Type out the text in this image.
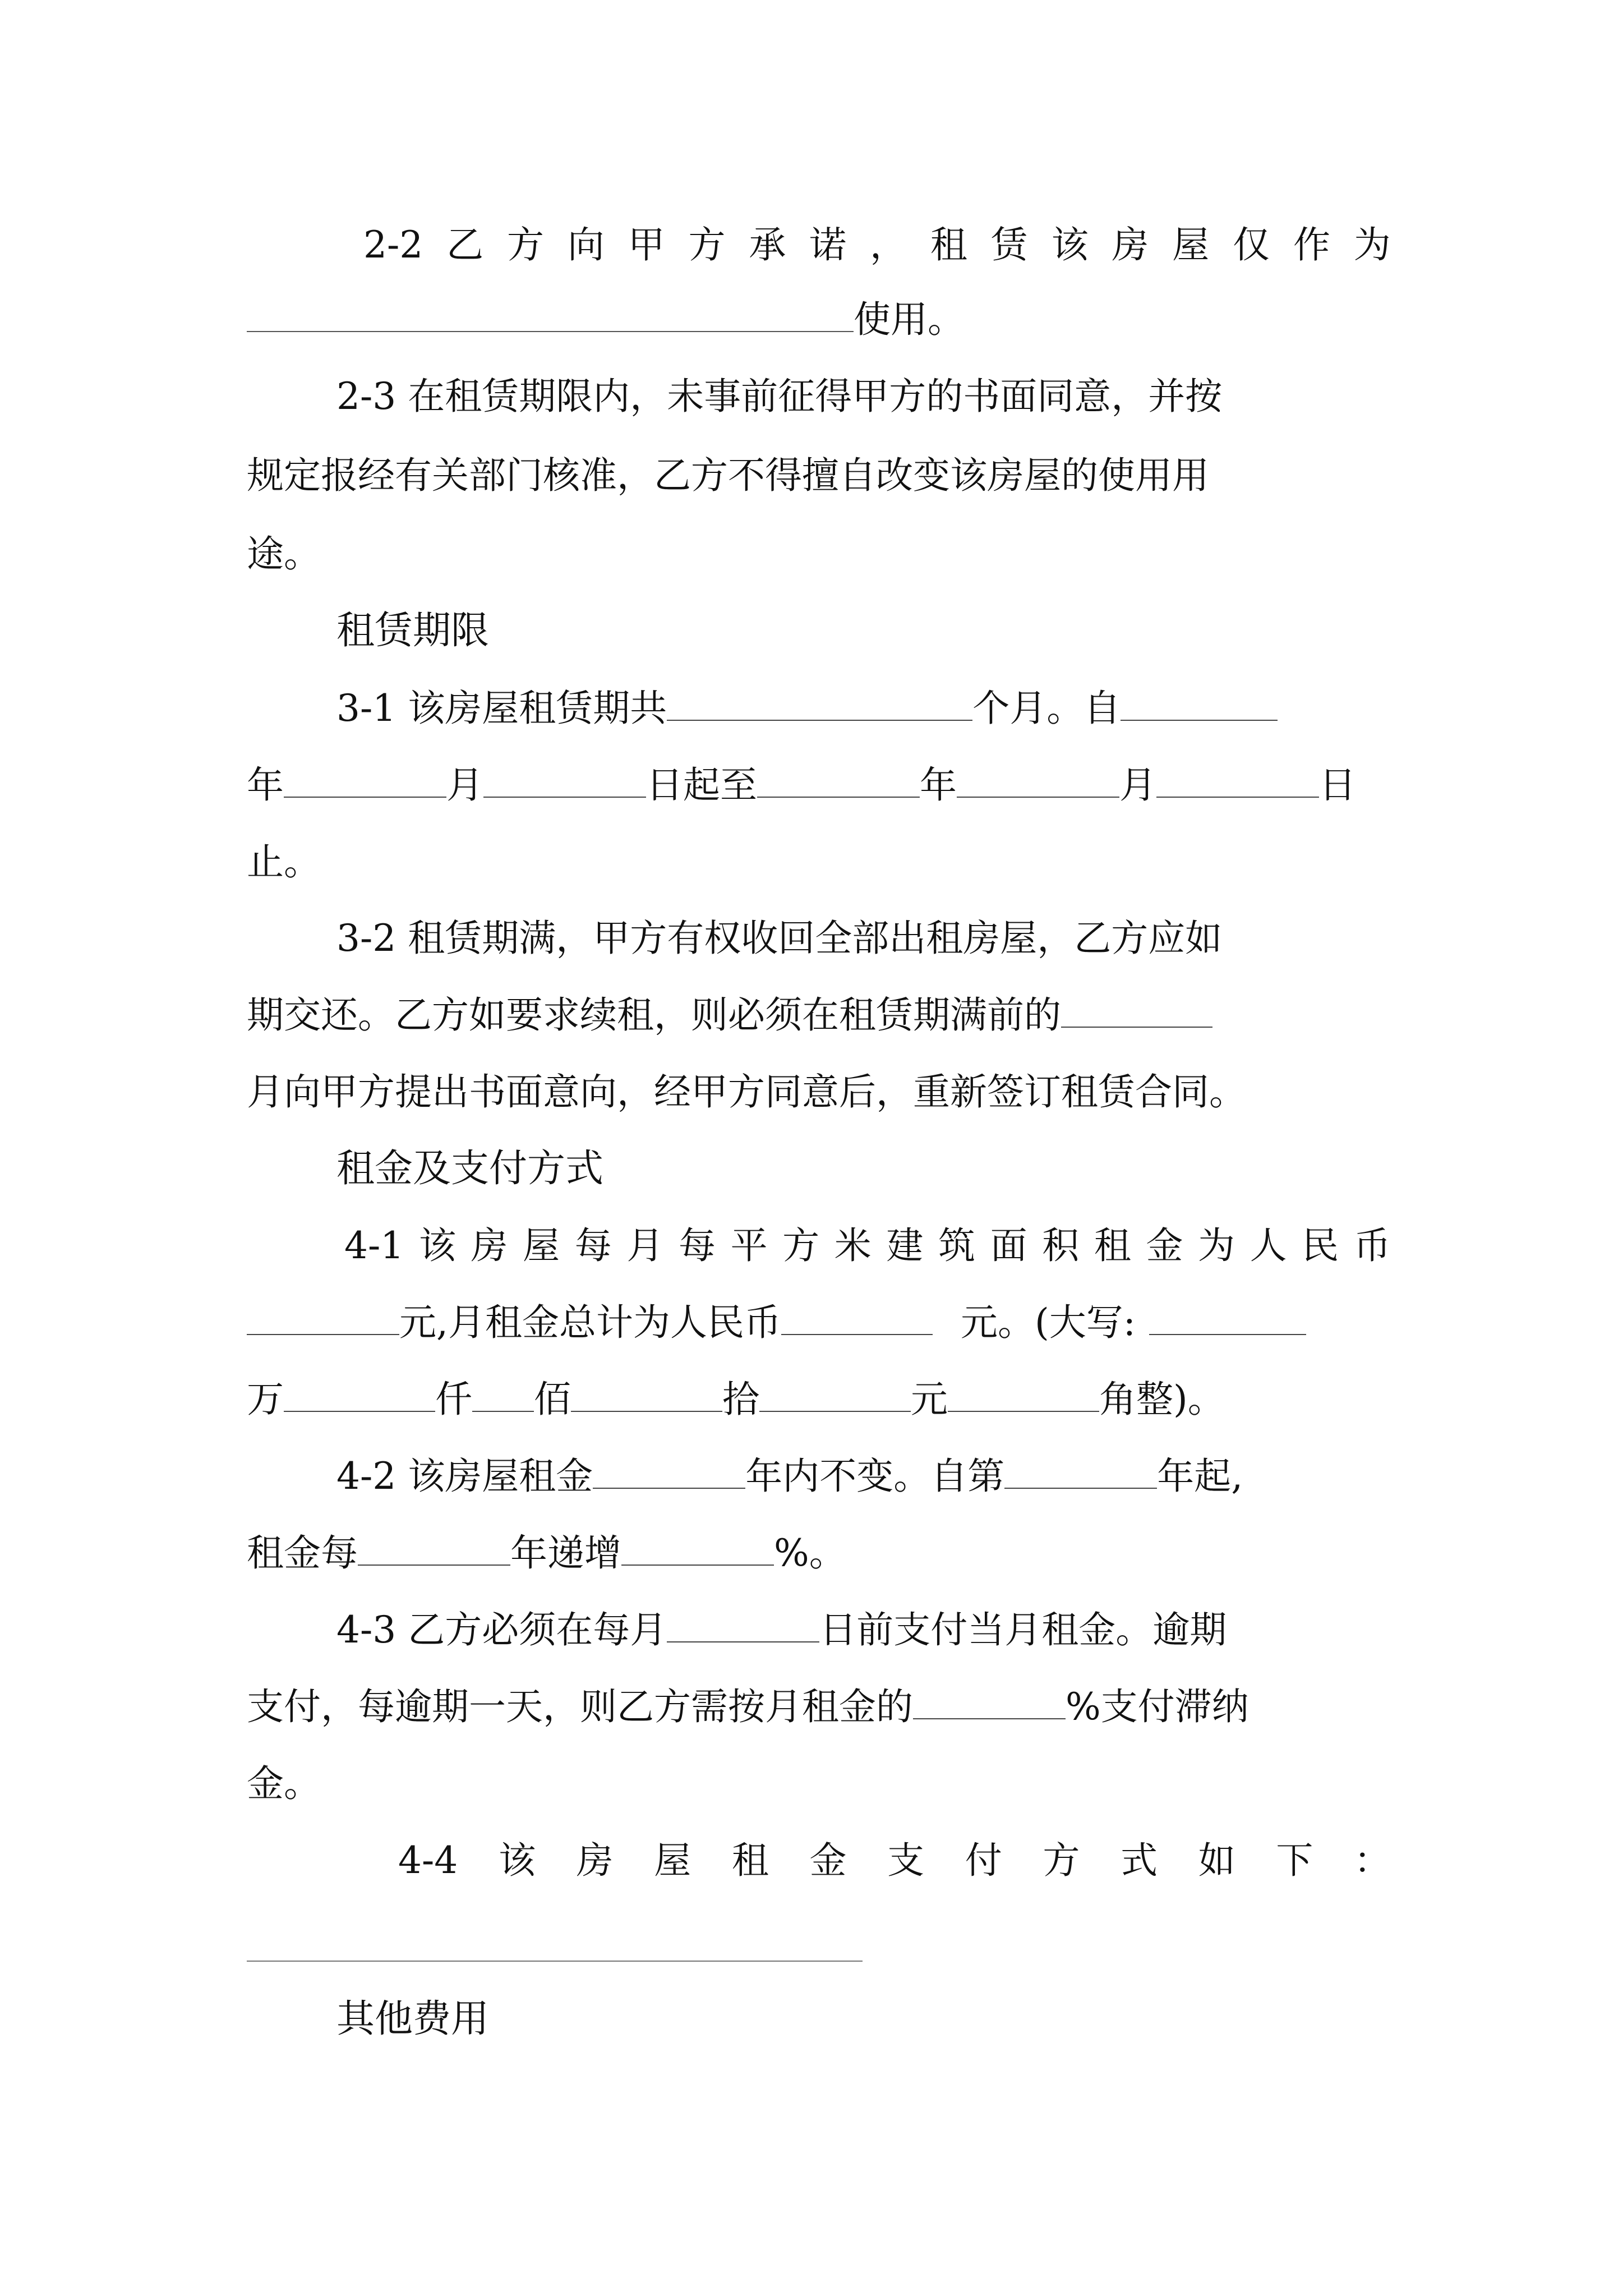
2-2 乙 方 向 甲 方 承 诺 ， 租 赁 该 房 屋 仅 作 为
使用。
2-3 在租赁期限内，未事前征得甲方的书面同意，并按
规定报经有关部门核准，乙方不得擅自改变该房屋的使用用
途。
租赁期限
3-1 该房屋租赁期共	个月。自
年	月	日起至	年	月	日
止。
3-2 租赁期满，甲方有权收回全部出租房屋，乙方应如
期交还。乙方如要求续租，则必须在租赁期满前的
月向甲方提出书面意向，经甲方同意后，重新签订租赁合同。
租金及支付方式
4-1 该 房 屋 每 月 每 平 方 米 建 筑 面 积 租 金 为 人 民 币
元,月租金总计为人民币	元。(大写:
万	仟 佰	拾	元	角整)。
4-2 该房屋租金	年内不变。自第	年起,
租金每	年递增	%。
4-3 乙方必须在每月	日前支付当月租金。逾期
支付，每逾期一天，则乙方需按月租金的	%支付滞纳
金。
4-4 该 房 屋 租 金 支 付 方 式 如 下 ：
其他费用
